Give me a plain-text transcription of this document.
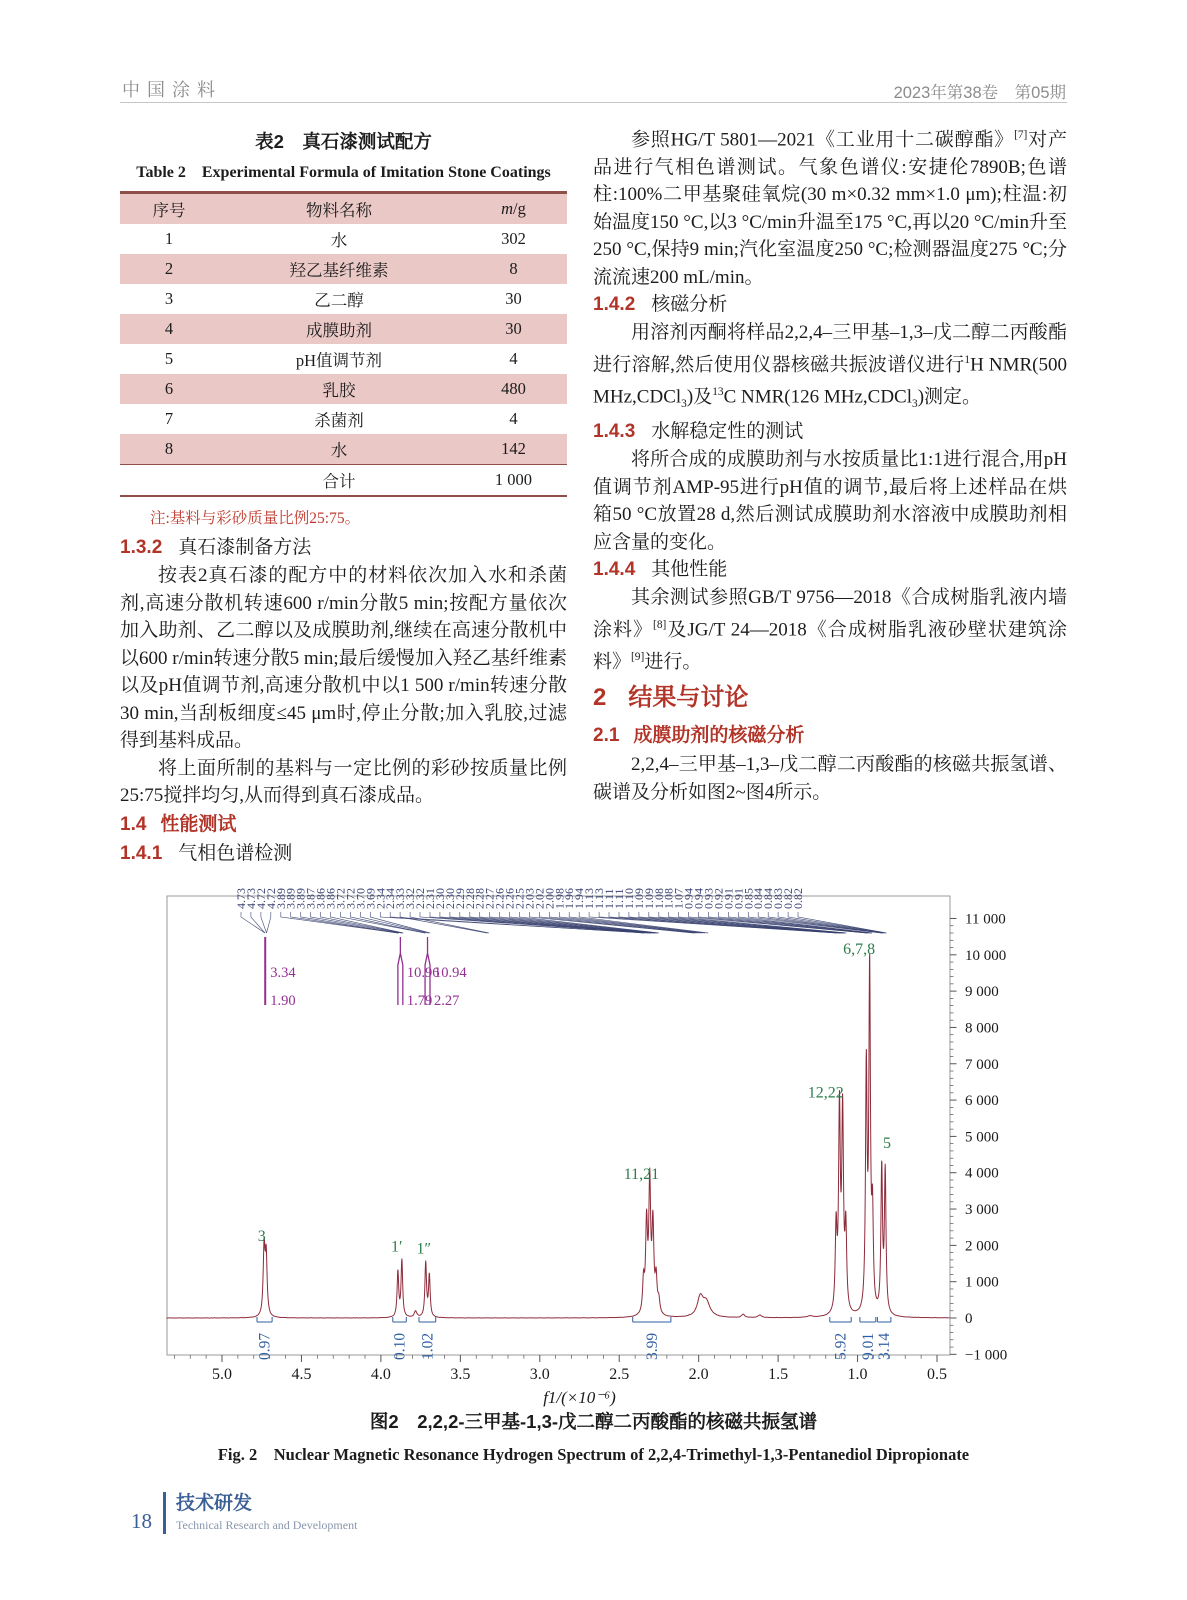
中国涂料	2023年第38卷　第05期

表2　真石漆测试配方

Table 2　Experimental Formula of Imitation Stone Coatings

序号	物料名称	m/g
1	水	302
2	羟乙基纤维素	8
3	乙二醇	30
4	成膜助剂	30
5	pH值调节剂	4
6	乳胶	480
7	杀菌剂	4
8	水	142
	合计	1 000

注:基料与彩砂质量比例25:75。

1.3.2 真石漆制备方法

按表2真石漆的配方中的材料依次加入水和杀菌剂,高速分散机转速600 r/min分散5 min;按配方量依次加入助剂、乙二醇以及成膜助剂,继续在高速分散机中以600 r/min转速分散5 min;最后缓慢加入羟乙基纤维素以及pH值调节剂,高速分散机中以1 500 r/min转速分散30 min,当刮板细度≤45 μm时,停止分散;加入乳胶,过滤得到基料成品。

将上面所制的基料与一定比例的彩砂按质量比例25:75搅拌均匀,从而得到真石漆成品。

1.4 性能测试
1.4.1 气相色谱检测

参照HG/T 5801—2021《工业用十二碳醇酯》[7]对产品进行气相色谱测试。气象色谱仪:安捷伦7890B;色谱柱:100%二甲基聚硅氧烷(30 m×0.32 mm×1.0 μm);柱温:初始温度150 °C,以3 °C/min升温至175 °C,再以20 °C/min升至250 °C,保持9 min;汽化室温度250 °C;检测器温度275 °C;分流流速200 mL/min。

1.4.2 核磁分析

用溶剂丙酮将样品2,2,4–三甲基–1,3–戊二醇二丙酸酯进行溶解,然后使用仪器核磁共振波谱仪进行$^1$H NMR(500 MHz,CDCl$_3$)及$^{13}$C NMR(126 MHz,CDCl$_3$)测定。

1.4.3 水解稳定性的测试

将所合成的成膜助剂与水按质量比1:1进行混合,用pH值调节剂AMP-95进行pH值的调节,最后将上述样品在烘箱50 °C放置28 d,然后测试成膜助剂水溶液中成膜助剂相应含量的变化。

1.4.4 其他性能

其余测试参照GB/T 9756—2018《合成树脂乳液内墙涂料》[8]及JG/T 24—2018《合成树脂乳液砂壁状建筑涂料》[9]进行。

2 结果与讨论
2.1 成膜助剂的核磁分析

2,2,4–三甲基–1,3–戊二醇二丙酸酯的核磁共振氢谱、碳谱及分析如图2~图4所示。

11 000
10 000
9 000
8 000
7 000
6 000
5 000
4 000
3 000
2 000
1 000
0
−1 000
5.0	4.5	4.0	3.5	3.0	2.5	2.0	1.5	1.0	0.5
f1/(×10⁻⁶)
4.73
4.73
4.72
4.72
3.89
3.89
3.89
3.87
3.86
3.86
3.72
3.72
3.70
3.69
2.34
2.34
3.33
3.32
2.32
2.31
2.30
2.30
2.29
2.28
2.28
2.27
2.26
2.26
2.25
2.03
2.02
2.00
1.98
1.96
1.94
1.13
1.13
1.11
1.11
1.10
1.09
1.09
1.08
1.08
1.07
0.94
0.94
0.93
0.92
0.91
0.91
0.85
0.84
0.84
0.83
0.82
0.82
3
1′ 1″
11,21
12,22
6,7,8
5
3.34
1.90
10.96
1.79
10.94
2.27
0.97	0.10 1.02	3.99	5.92 9.01 3.14
图2　2,2,2-三甲基-1,3-戊二醇二丙酸酯的核磁共振氢谱
Fig. 2　Nuclear Magnetic Resonance Hydrogen Spectrum of 2,2,4-Trimethyl-1,3-Pentanediol Dipropionate
18
技术研发
Technical Research and Development
